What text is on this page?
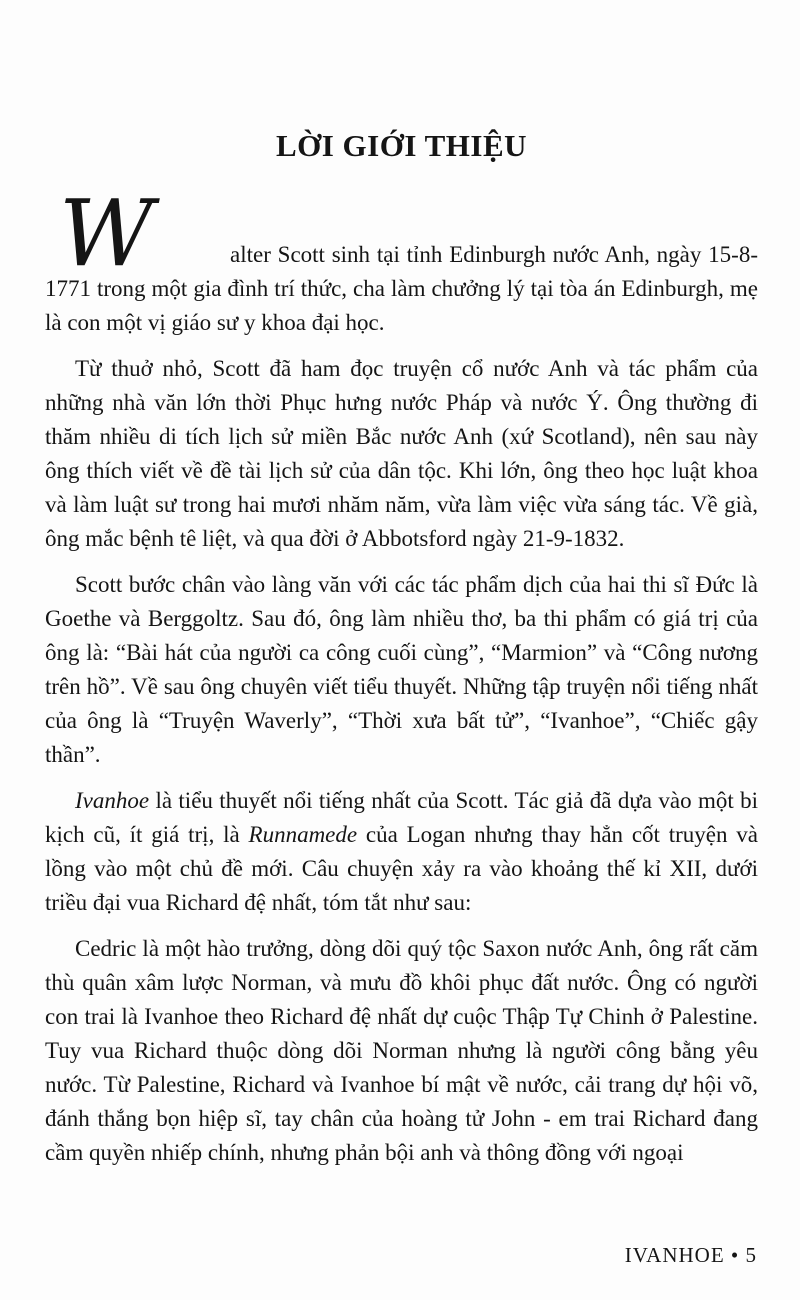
LỜI GIỚI THIỆU

W	alter Scott sinh tại tỉnh Edinburgh nước Anh, ngày 15-8-1771 trong một gia đình trí thức, cha làm chưởng lý tại tòa án Edinburgh, mẹ là con một vị giáo sư y khoa đại học.

Từ thuở nhỏ, Scott đã ham đọc truyện cổ nước Anh và tác phẩm của những nhà văn lớn thời Phục hưng nước Pháp và nước Ý. Ông thường đi thăm nhiều di tích lịch sử miền Bắc nước Anh (xứ Scotland), nên sau này ông thích viết về đề tài lịch sử của dân tộc. Khi lớn, ông theo học luật khoa và làm luật sư trong hai mươi nhăm năm, vừa làm việc vừa sáng tác. Về già, ông mắc bệnh tê liệt, và qua đời ở Abbotsford ngày 21-9-1832.

Scott bước chân vào làng văn với các tác phẩm dịch của hai thi sĩ Đức là Goethe và Berggoltz. Sau đó, ông làm nhiều thơ, ba thi phẩm có giá trị của ông là: “Bài hát của người ca công cuối cùng”, “Marmion” và “Công nương trên hồ”. Về sau ông chuyên viết tiểu thuyết. Những tập truyện nổi tiếng nhất của ông là “Truyện Waverly”, “Thời xưa bất tử”, “Ivanhoe”, “Chiếc gậy thần”.

Ivanhoe là tiểu thuyết nổi tiếng nhất của Scott. Tác giả đã dựa vào một bi kịch cũ, ít giá trị, là Runnamede của Logan nhưng thay hẳn cốt truyện và lồng vào một chủ đề mới. Câu chuyện xảy ra vào khoảng thế kỉ XII, dưới triều đại vua Richard đệ nhất, tóm tắt như sau:

Cedric là một hào trưởng, dòng dõi quý tộc Saxon nước Anh, ông rất căm thù quân xâm lược Norman, và mưu đồ khôi phục đất nước. Ông có người con trai là Ivanhoe theo Richard đệ nhất dự cuộc Thập Tự Chinh ở Palestine. Tuy vua Richard thuộc dòng dõi Norman nhưng là người công bằng yêu nước. Từ Palestine, Richard và Ivanhoe bí mật về nước, cải trang dự hội võ, đánh thắng bọn hiệp sĩ, tay chân của hoàng tử John - em trai Richard đang cầm quyền nhiếp chính, nhưng phản bội anh và thông đồng với ngoại

IVANHOE • 5
